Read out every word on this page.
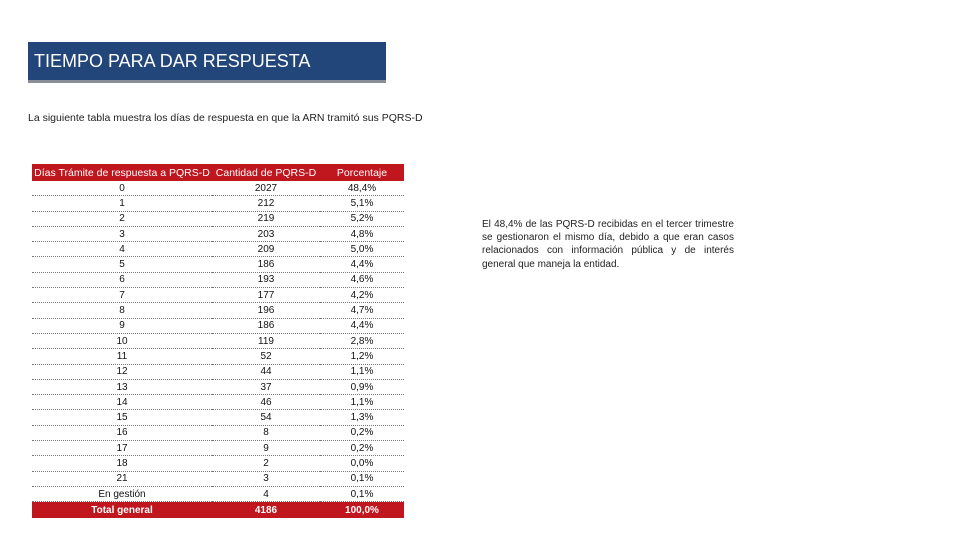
TIEMPO PARA DAR RESPUESTA
La siguiente tabla muestra los días de respuesta en que la ARN tramitó sus PQRS-D
Días Trámite de respuesta a PQRS-D	Cantidad de PQRS-D	Porcentaje
0	2027	48,4%
1	212	5,1%
2	219	5,2%
3	203	4,8%
4	209	5,0%
5	186	4,4%
6	193	4,6%
7	177	4,2%
8	196	4,7%
9	186	4,4%
10	119	2,8%
11	52	1,2%
12	44	1,1%
13	37	0,9%
14	46	1,1%
15	54	1,3%
16	8	0,2%
17	9	0,2%
18	2	0,0%
21	3	0,1%
En gestión	4	0,1%
Total general	4186	100,0%
El 48,4% de las PQRS-D recibidas en el tercer trimestre se gestionaron el mismo día, debido a que eran casos relacionados con información pública y de interés general que maneja la entidad.
